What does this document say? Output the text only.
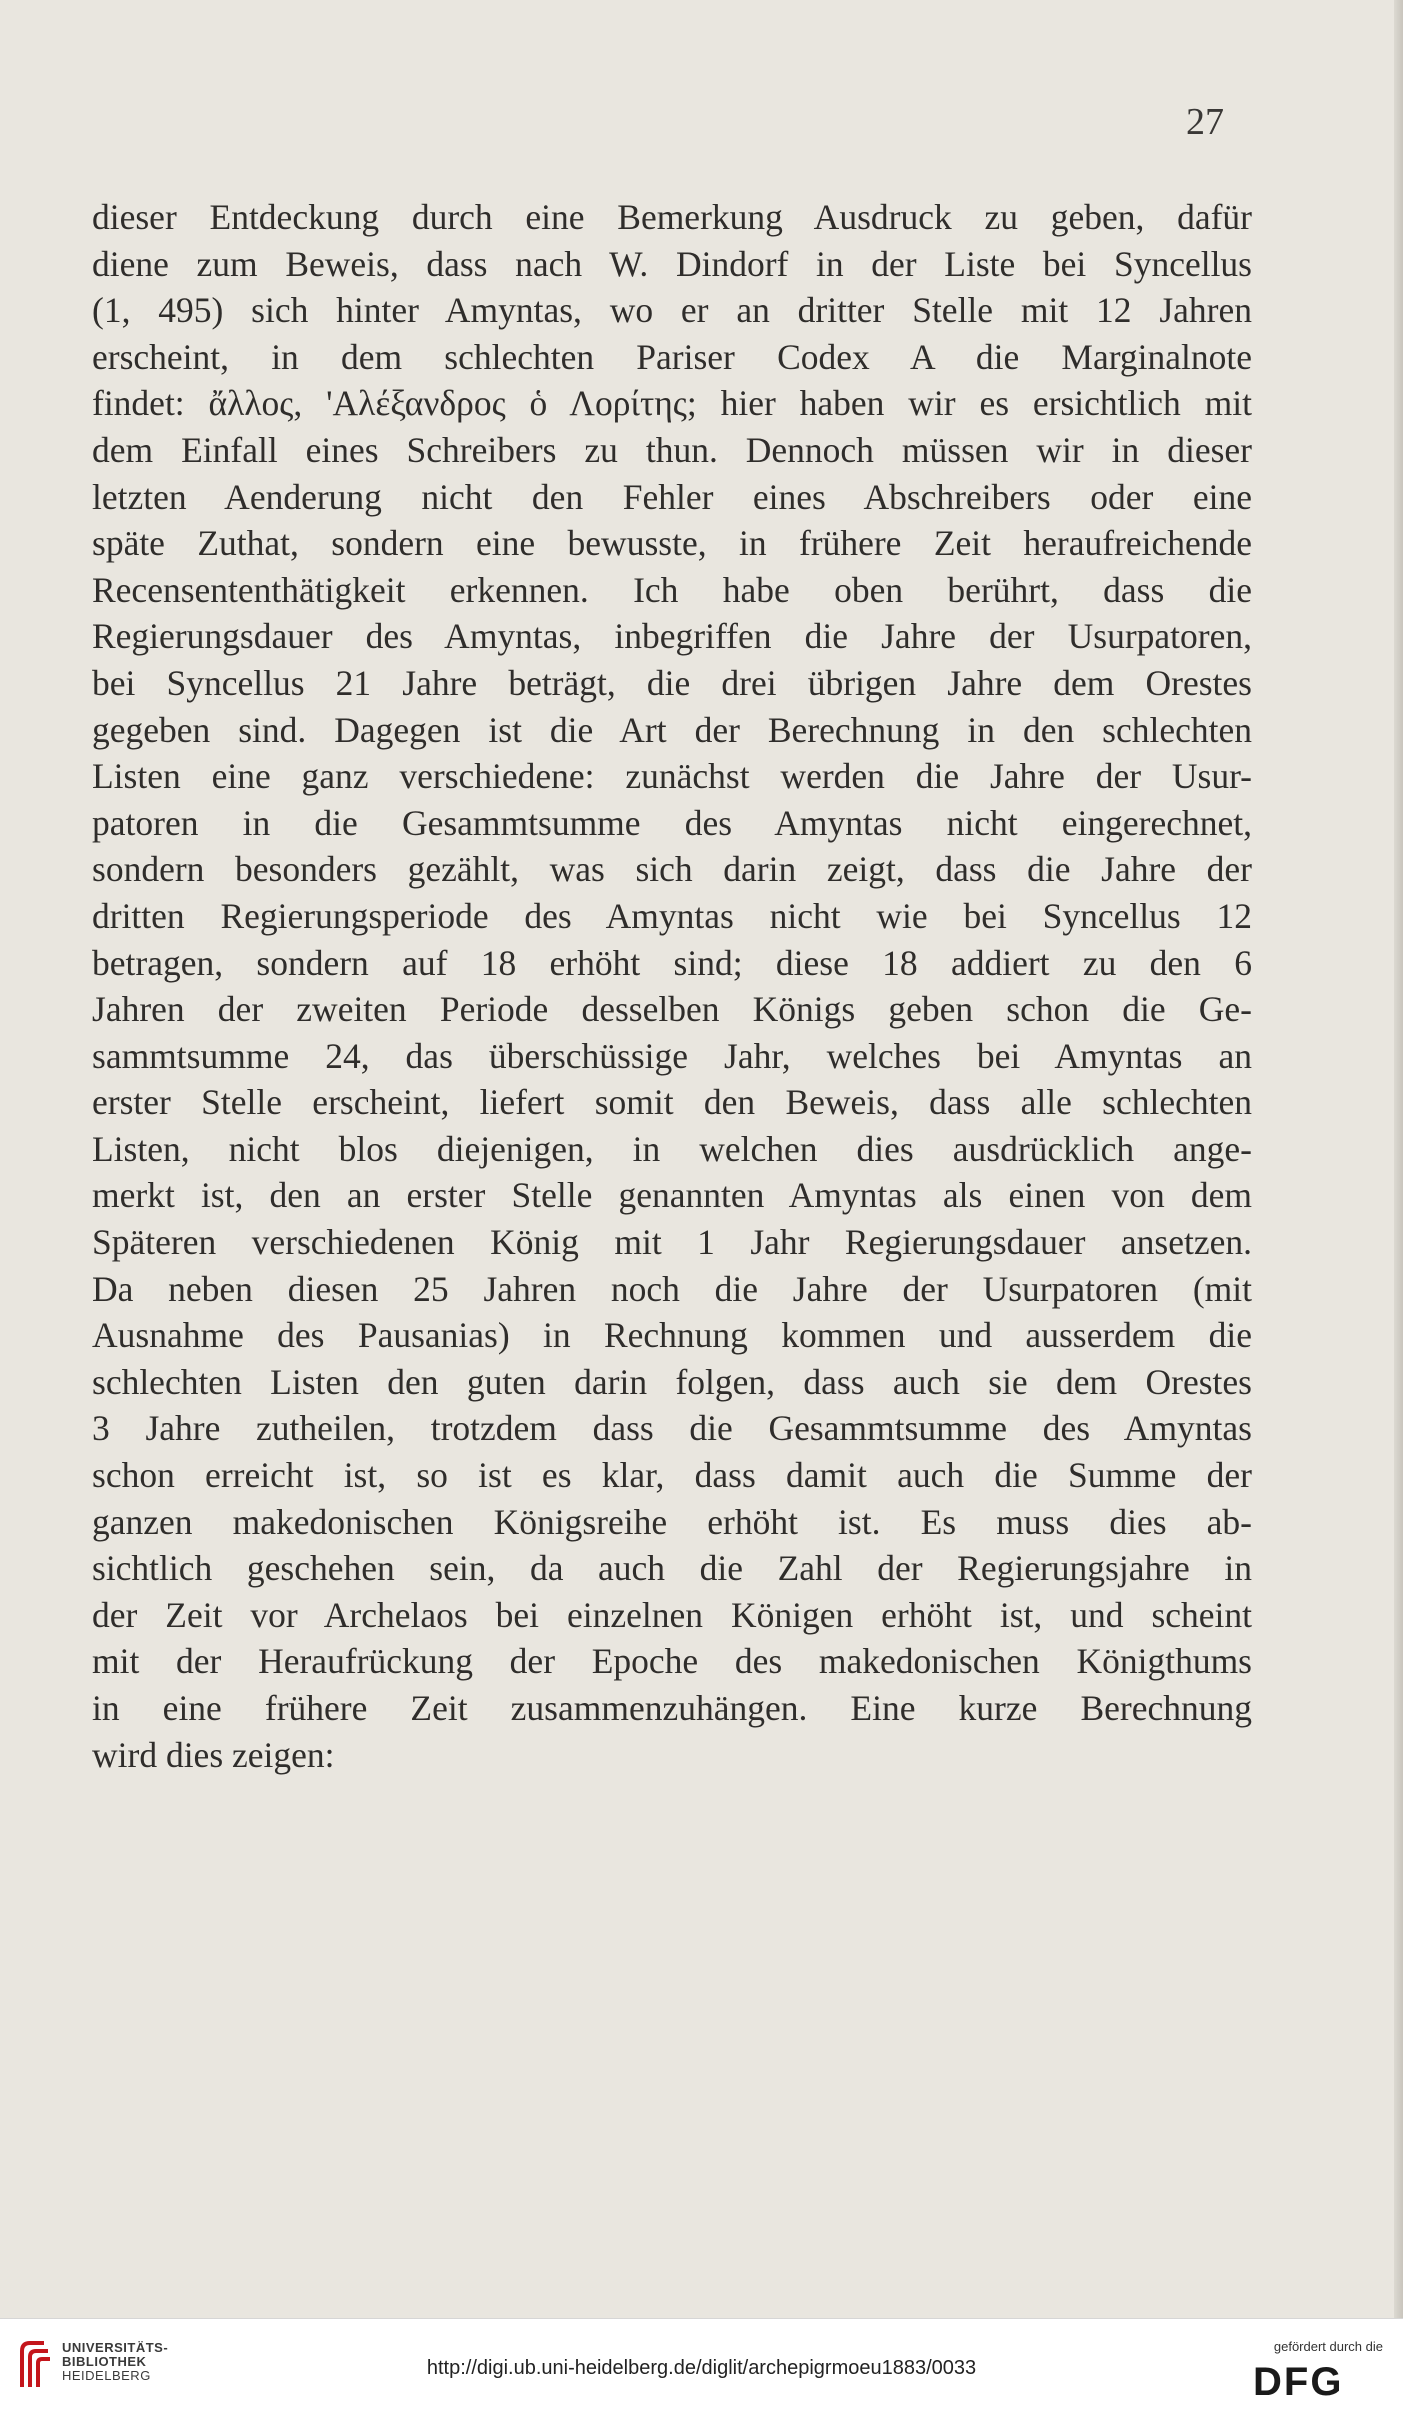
27
dieser Entdeckung durch eine Bemerkung Ausdruck zu geben, dafür
diene zum Beweis, dass nach W. Dindorf in der Liste bei Syncellus
(1, 495) sich hinter Amyntas, wo er an dritter Stelle mit 12 Jahren
erscheint, in dem schlechten Pariser Codex A die Marginalnote
findet: ἄλλος, 'Αλέξανδρος ὁ Λορίτης; hier haben wir es ersichtlich mit
dem Einfall eines Schreibers zu thun. Dennoch müssen wir in dieser
letzten Aenderung nicht den Fehler eines Abschreibers oder eine
späte Zuthat, sondern eine bewusste, in frühere Zeit heraufreichende
Recensententhätigkeit erkennen. Ich habe oben berührt, dass die
Regierungsdauer des Amyntas, inbegriffen die Jahre der Usurpatoren,
bei Syncellus 21 Jahre beträgt, die drei übrigen Jahre dem Orestes
gegeben sind. Dagegen ist die Art der Berechnung in den schlechten
Listen eine ganz verschiedene: zunächst werden die Jahre der Usur-
patoren in die Gesammtsumme des Amyntas nicht eingerechnet,
sondern besonders gezählt, was sich darin zeigt, dass die Jahre der
dritten Regierungsperiode des Amyntas nicht wie bei Syncellus 12
betragen, sondern auf 18 erhöht sind; diese 18 addiert zu den 6
Jahren der zweiten Periode desselben Königs geben schon die Ge-
sammtsumme 24, das überschüssige Jahr, welches bei Amyntas an
erster Stelle erscheint, liefert somit den Beweis, dass alle schlechten
Listen, nicht blos diejenigen, in welchen dies ausdrücklich ange-
merkt ist, den an erster Stelle genannten Amyntas als einen von dem
Späteren verschiedenen König mit 1 Jahr Regierungsdauer ansetzen.
Da neben diesen 25 Jahren noch die Jahre der Usurpatoren (mit
Ausnahme des Pausanias) in Rechnung kommen und ausserdem die
schlechten Listen den guten darin folgen, dass auch sie dem Orestes
3 Jahre zutheilen, trotzdem dass die Gesammtsumme des Amyntas
schon erreicht ist, so ist es klar, dass damit auch die Summe der
ganzen makedonischen Königsreihe erhöht ist. Es muss dies ab-
sichtlich geschehen sein, da auch die Zahl der Regierungsjahre in
der Zeit vor Archelaos bei einzelnen Königen erhöht ist, und scheint
mit der Heraufrückung der Epoche des makedonischen Königthums
in eine frühere Zeit zusammenzuhängen. Eine kurze Berechnung
wird dies zeigen:
UNIVERSITÄTS-
BIBLIOTHEK
HEIDELBERG	http://digi.ub.uni-heidelberg.de/diglit/archepigrmoeu1883/0033
gefördert durch die
DFG
